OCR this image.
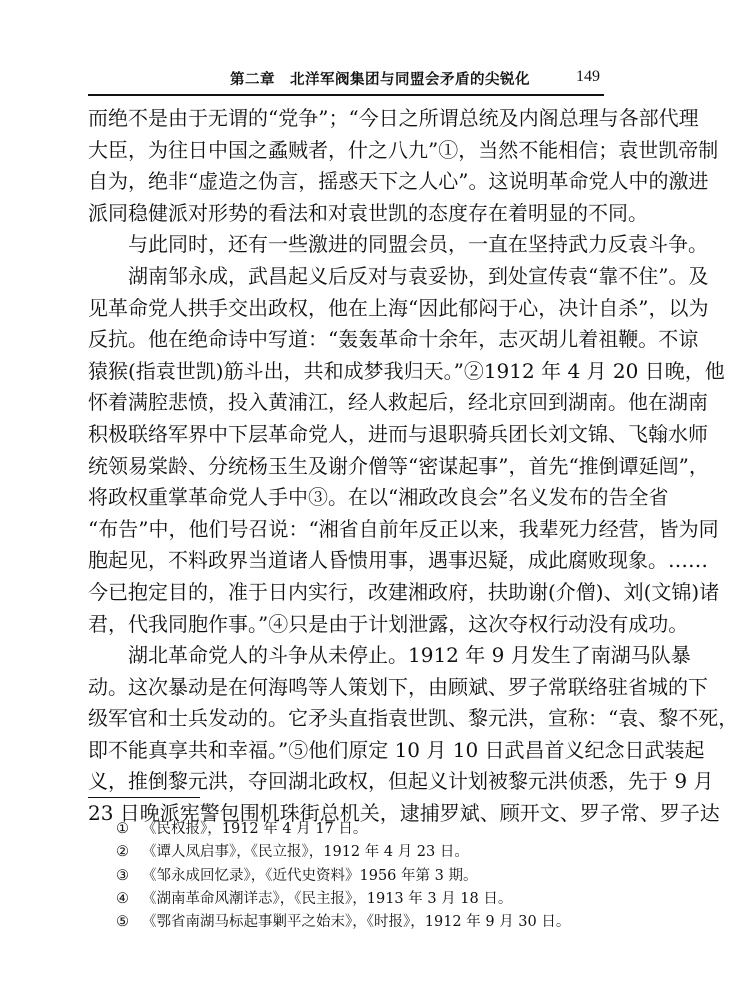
第二章　北洋军阀集团与同盟会矛盾的尖锐化	149
而绝不是由于无谓的“党争”；“今日之所谓总统及内阁总理与各部代理
大臣，为往日中国之蟊贼者，什之八九”①，当然不能相信；袁世凯帝制
自为，绝非“虚造之伪言，摇惑天下之人心”。这说明革命党人中的激进
派同稳健派对形势的看法和对袁世凯的态度存在着明显的不同。
　　与此同时，还有一些激进的同盟会员，一直在坚持武力反袁斗争。
　　湖南邹永成，武昌起义后反对与袁妥协，到处宣传袁“靠不住”。及
见革命党人拱手交出政权，他在上海“因此郁闷于心，决计自杀”，以为
反抗。他在绝命诗中写道：“轰轰革命十余年，志灭胡儿着祖鞭。不谅
猿猴(指袁世凯)筋斗出，共和成梦我归天。”②1912 年 4 月 20 日晚，他
怀着满腔悲愤，投入黄浦江，经人救起后，经北京回到湖南。他在湖南
积极联络军界中下层革命党人，进而与退职骑兵团长刘文锦、飞翰水师
统领易棠龄、分统杨玉生及谢介僧等“密谋起事”，首先“推倒谭延闿”，
将政权重掌革命党人手中③。在以“湘政改良会”名义发布的告全省
“布告”中，他们号召说：“湘省自前年反正以来，我辈死力经营，皆为同
胞起见，不料政界当道诸人昏愦用事，遇事迟疑，成此腐败现象。……
今已抱定目的，准于日内实行，改建湘政府，扶助谢(介僧)、刘(文锦)诸
君，代我同胞作事。”④只是由于计划泄露，这次夺权行动没有成功。
　　湖北革命党人的斗争从未停止。1912 年 9 月发生了南湖马队暴
动。这次暴动是在何海鸣等人策划下，由顾斌、罗子常联络驻省城的下
级军官和士兵发动的。它矛头直指袁世凯、黎元洪，宣称：“袁、黎不死，
即不能真享共和幸福。”⑤他们原定 10 月 10 日武昌首义纪念日武装起
义，推倒黎元洪，夺回湖北政权，但起义计划被黎元洪侦悉，先于 9 月
23 日晚派宪警包围机珠街总机关，逮捕罗斌、顾开文、罗子常、罗子达
① 《民权报》，1912 年 4 月 17 日。
② 《谭人凤启事》，《民立报》，1912 年 4 月 23 日。
③ 《邹永成回忆录》，《近代史资料》1956 年第 3 期。
④ 《湖南革命风潮详志》，《民主报》，1913 年 3 月 18 日。
⑤ 《鄂省南湖马标起事剿平之始末》，《时报》，1912 年 9 月 30 日。
